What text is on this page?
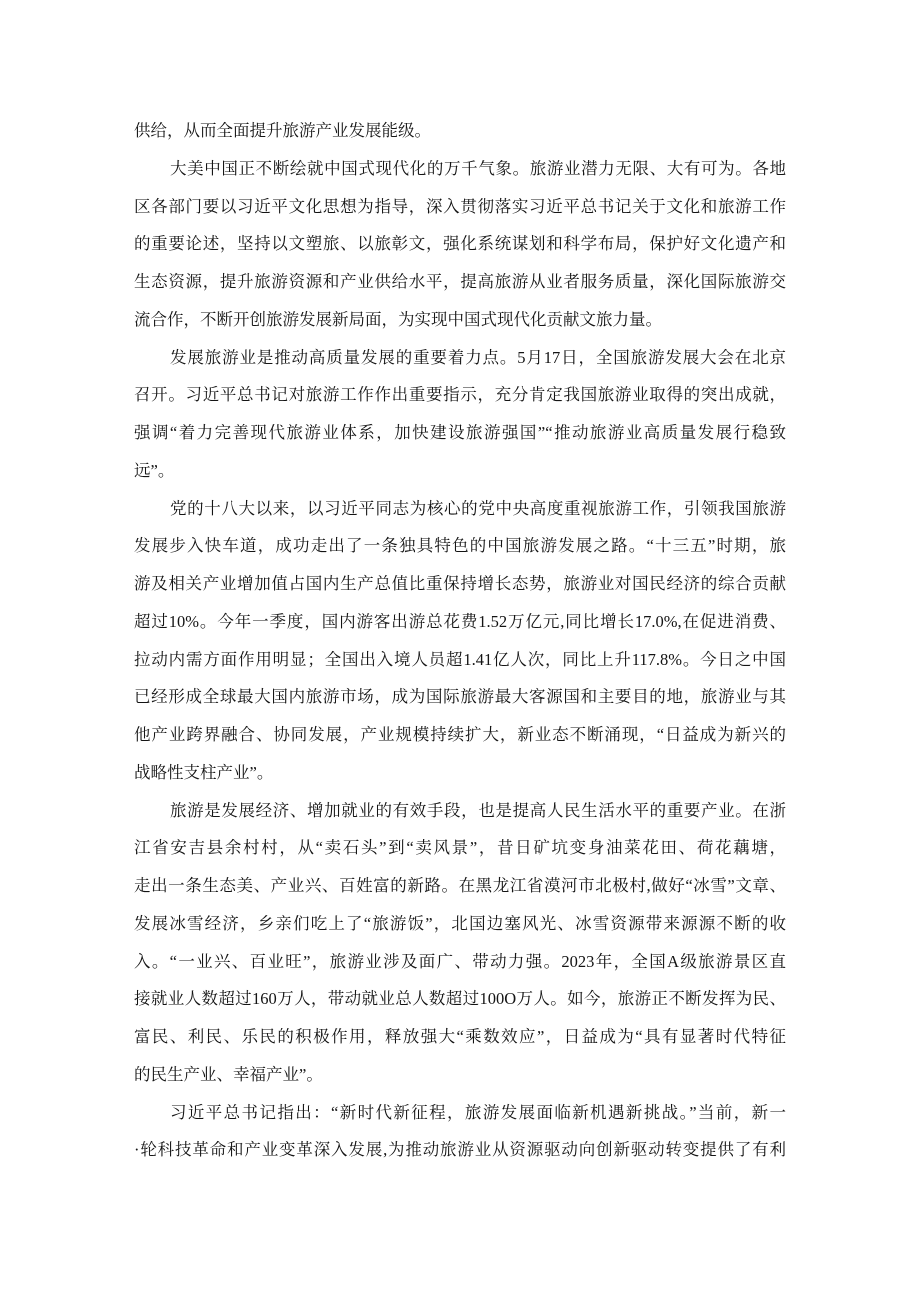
供给，从而全面提升旅游产业发展能级。
大美中国正不断绘就中国式现代化的万千气象。旅游业潜力无限、大有可为。各地
区各部门要以习近平文化思想为指导，深入贯彻落实习近平总书记关于文化和旅游工作
的重要论述，坚持以文塑旅、以旅彰文，强化系统谋划和科学布局，保护好文化遗产和
生态资源，提升旅游资源和产业供给水平，提高旅游从业者服务质量，深化国际旅游交
流合作，不断开创旅游发展新局面，为实现中国式现代化贡献文旅力量。
发展旅游业是推动高质量发展的重要着力点。5月17日，全国旅游发展大会在北京
召开。习近平总书记对旅游工作作出重要指示，充分肯定我国旅游业取得的突出成就，
强调“着力完善现代旅游业体系，加快建设旅游强国”“推动旅游业高质量发展行稳致
远”。
党的十八大以来，以习近平同志为核心的党中央高度重视旅游工作，引领我国旅游
发展步入快车道，成功走出了一条独具特色的中国旅游发展之路。“十三五”时期，旅
游及相关产业增加值占国内生产总值比重保持增长态势，旅游业对国民经济的综合贡献
超过10%。今年一季度，国内游客出游总花费1.52万亿元,同比增长17.0%,在促进消费、
拉动内需方面作用明显；全国出入境人员超1.41亿人次，同比上升117.8%。今日之中国
已经形成全球最大国内旅游市场，成为国际旅游最大客源国和主要目的地，旅游业与其
他产业跨界融合、协同发展，产业规模持续扩大，新业态不断涌现，“日益成为新兴的
战略性支柱产业”。
旅游是发展经济、增加就业的有效手段，也是提高人民生活水平的重要产业。在浙
江省安吉县余村村，从“卖石头”到“卖风景”，昔日矿坑变身油菜花田、荷花藕塘，
走出一条生态美、产业兴、百姓富的新路。在黑龙江省漠河市北极村,做好“冰雪”文章、
发展冰雪经济，乡亲们吃上了“旅游饭”，北国边塞风光、冰雪资源带来源源不断的收
入。“一业兴、百业旺”，旅游业涉及面广、带动力强。2023年，全国A级旅游景区直
接就业人数超过160万人，带动就业总人数超过100O万人。如今，旅游正不断发挥为民、
富民、利民、乐民的积极作用，释放强大“乘数效应”，日益成为“具有显著时代特征
的民生产业、幸福产业”。
习近平总书记指出：“新时代新征程，旅游发展面临新机遇新挑战。”当前，新一
·轮科技革命和产业变革深入发展,为推动旅游业从资源驱动向创新驱动转变提供了有利
